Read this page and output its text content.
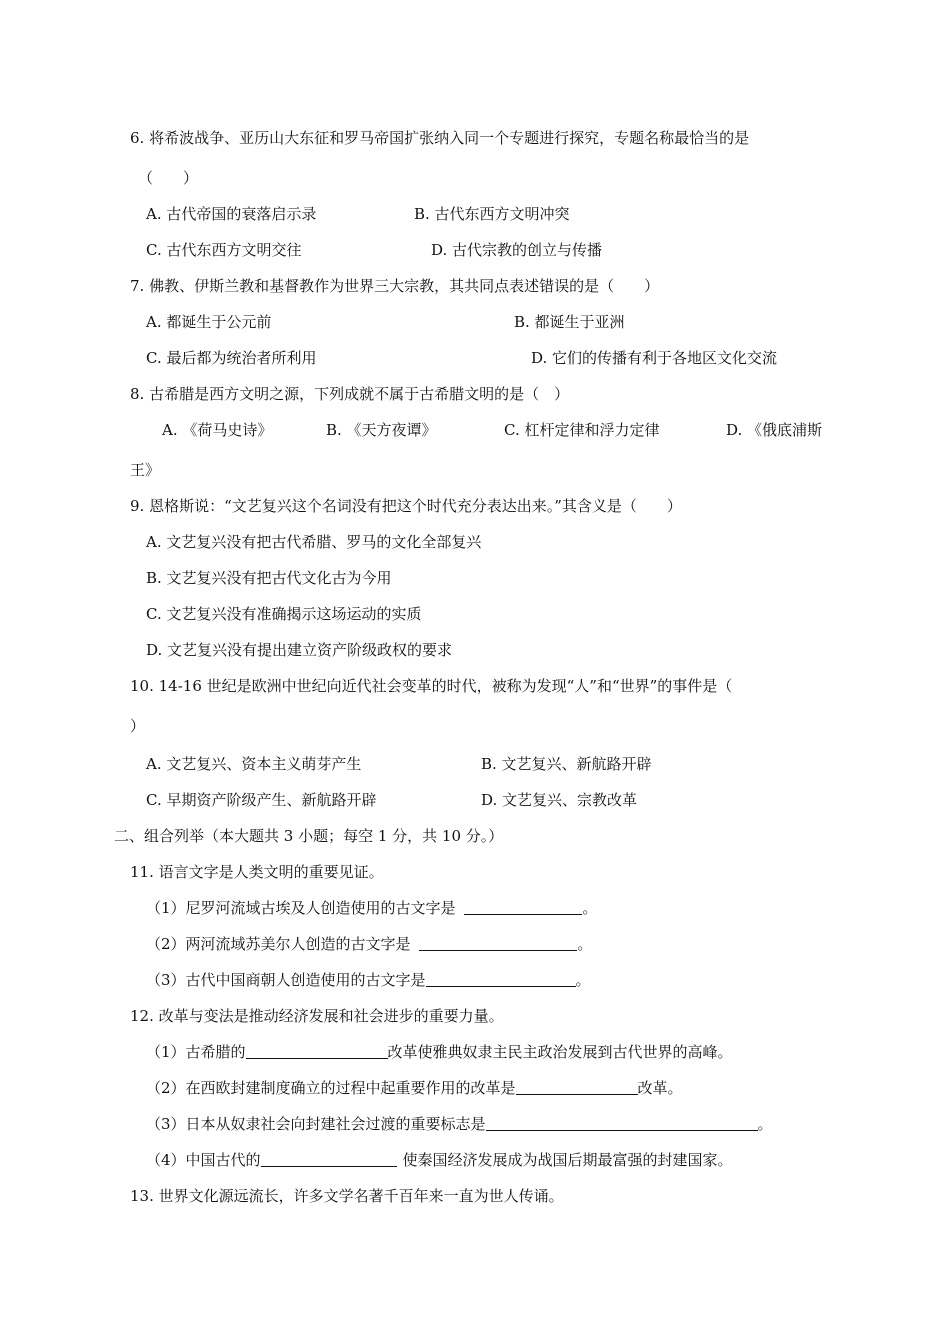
6. 将希波战争、亚历山大东征和罗马帝国扩张纳入同一个专题进行探究，专题名称最恰当的是
（　　）
A. 古代帝国的衰落启示录	B. 古代东西方文明冲突
C. 古代东西方文明交往	D. 古代宗教的创立与传播
7. 佛教、伊斯兰教和基督教作为世界三大宗教，其共同点表述错误的是（　　）
A. 都诞生于公元前	B. 都诞生于亚洲
C. 最后都为统治者所利用	D. 它们的传播有利于各地区文化交流
8. 古希腊是西方文明之源，下列成就不属于古希腊文明的是（　）
A. 《荷马史诗》	B. 《天方夜谭》	C. 杠杆定律和浮力定律	D. 《俄底浦斯
王》
9. 恩格斯说：“文艺复兴这个名词没有把这个时代充分表达出来。”其含义是（　　）
A. 文艺复兴没有把古代希腊、罗马的文化全部复兴
B. 文艺复兴没有把古代文化古为今用
C. 文艺复兴没有准确揭示这场运动的实质
D. 文艺复兴没有提出建立资产阶级政权的要求
10. 14-16 世纪是欧洲中世纪向近代社会变革的时代，被称为发现“人”和“世界”的事件是（
）
A. 文艺复兴、资本主义萌芽产生	B. 文艺复兴、新航路开辟
C. 早期资产阶级产生、新航路开辟	D. 文艺复兴、宗教改革
二、组合列举（本大题共 3 小题；每空 1 分，共 10 分。）
11. 语言文字是人类文明的重要见证。
（1）尼罗河流域古埃及人创造使用的古文字是	。
（2）两河流域苏美尔人创造的古文字是	。
（3）古代中国商朝人创造使用的古文字是	。
12. 改革与变法是推动经济发展和社会进步的重要力量。
（1）古希腊的	改革使雅典奴隶主民主政治发展到古代世界的高峰。
（2）在西欧封建制度确立的过程中起重要作用的改革是	改革。
（3）日本从奴隶社会向封建社会过渡的重要标志是	。
（4）中国古代的	使秦国经济发展成为战国后期最富强的封建国家。
13. 世界文化源远流长，许多文学名著千百年来一直为世人传诵。
